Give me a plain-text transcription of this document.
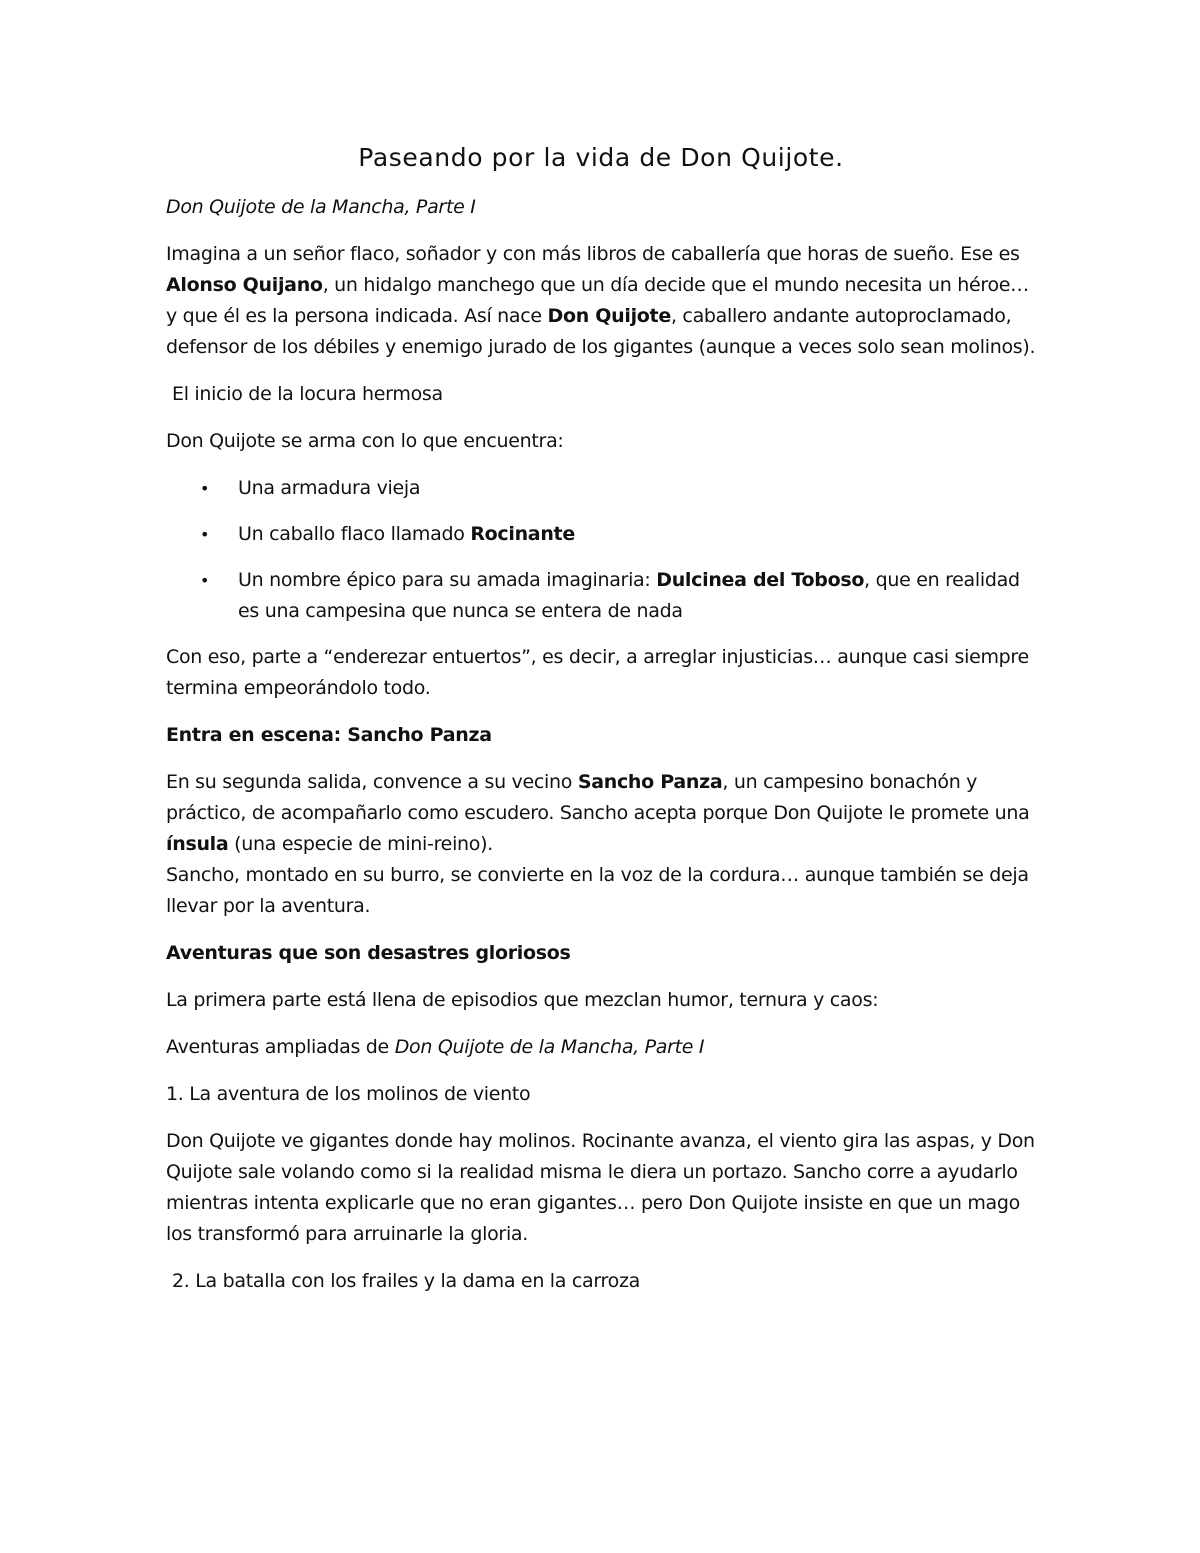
Paseando por la vida de Don Quijote.

Don Quijote de la Mancha, Parte I

Imagina a un señor flaco, soñador y con más libros de caballería que horas de sueño. Ese es Alonso Quijano, un hidalgo manchego que un día decide que el mundo necesita un héroe… y que él es la persona indicada. Así nace Don Quijote, caballero andante autoproclamado, defensor de los débiles y enemigo jurado de los gigantes (aunque a veces solo sean molinos).

El inicio de la locura hermosa

Don Quijote se arma con lo que encuentra:

• Una armadura vieja
• Un caballo flaco llamado Rocinante
• Un nombre épico para su amada imaginaria: Dulcinea del Toboso, que en realidad es una campesina que nunca se entera de nada

Con eso, parte a “enderezar entuertos”, es decir, a arreglar injusticias… aunque casi siempre termina empeorándolo todo.

Entra en escena: Sancho Panza

En su segunda salida, convence a su vecino Sancho Panza, un campesino bonachón y práctico, de acompañarlo como escudero. Sancho acepta porque Don Quijote le promete una ínsula (una especie de mini-reino).
Sancho, montado en su burro, se convierte en la voz de la cordura… aunque también se deja llevar por la aventura.

Aventuras que son desastres gloriosos

La primera parte está llena de episodios que mezclan humor, ternura y caos:

Aventuras ampliadas de Don Quijote de la Mancha, Parte I

1. La aventura de los molinos de viento

Don Quijote ve gigantes donde hay molinos. Rocinante avanza, el viento gira las aspas, y Don Quijote sale volando como si la realidad misma le diera un portazo. Sancho corre a ayudarlo mientras intenta explicarle que no eran gigantes… pero Don Quijote insiste en que un mago los transformó para arruinarle la gloria.

2. La batalla con los frailes y la dama en la carroza
